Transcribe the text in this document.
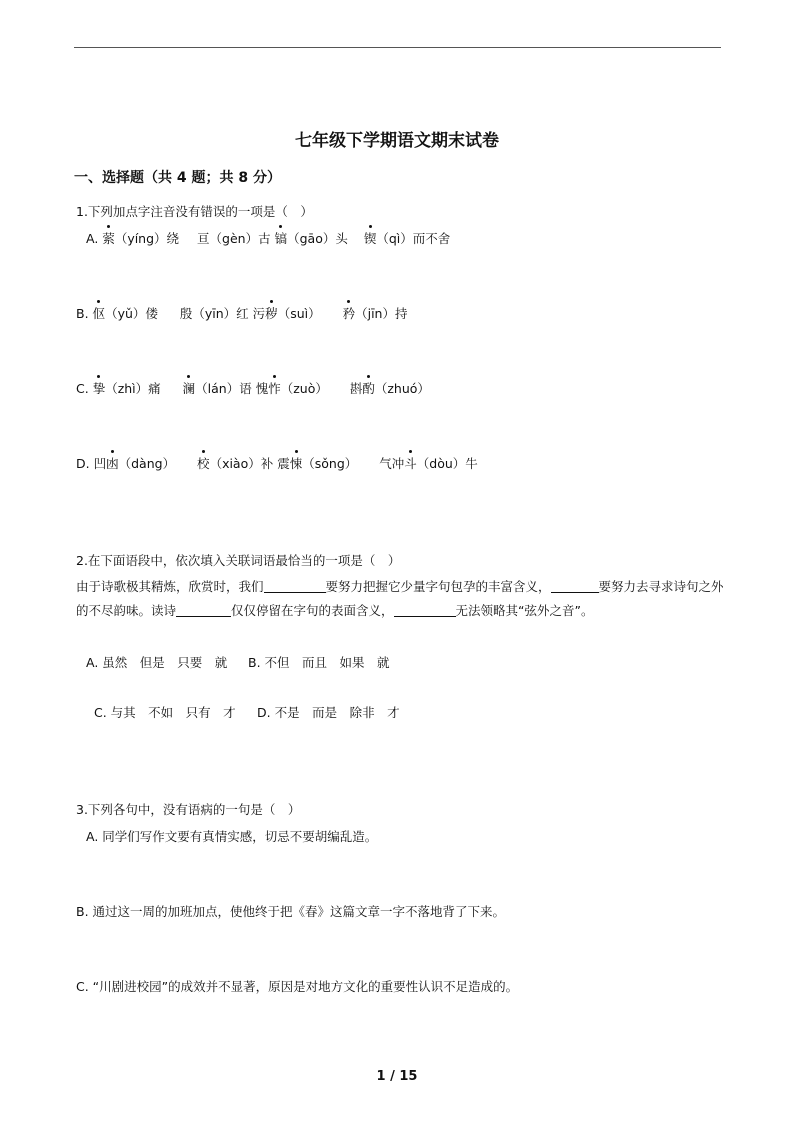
七年级下学期语文期末试卷
一、选择题（共 4 题；共 8 分）
1.下列加点字注音没有错误的一项是（　）
A. 萦（yíng）绕 亘（gèn）古 镐（gāo）头 锲（qì）而不舍
B. 伛（yǔ）偻 殷（yīn）红 污秽（suì） 矜（jīn）持
C. 挚（zhì）痛 澜（lán）语 愧怍（zuò） 斟酌（zhuó）
D. 凹凼（dàng） 校（xiào）补 震悚（sǒng） 气冲斗（dòu）牛
2.在下面语段中，依次填入关联词语最恰当的一项是（　）
由于诗歌极其精炼，欣赏时，我们	要努力把握它少量字句包孕的丰富含义，	要努力去寻求诗句之外的不尽韵味。读诗	仅仅停留在字句的表面含义，	无法领略其“弦外之音”。
A. 虽然　但是　只要　就 B. 不但　而且　如果　就
C. 与其　不如　只有　才 D. 不是　而是　除非　才
3.下列各句中，没有语病的一句是（　）
A. 同学们写作文要有真情实感，切忌不要胡编乱造。
B. 通过这一周的加班加点，使他终于把《春》这篇文章一字不落地背了下来。
C. “川剧进校园”的成效并不显著，原因是对地方文化的重要性认识不足造成的。
1 / 15
